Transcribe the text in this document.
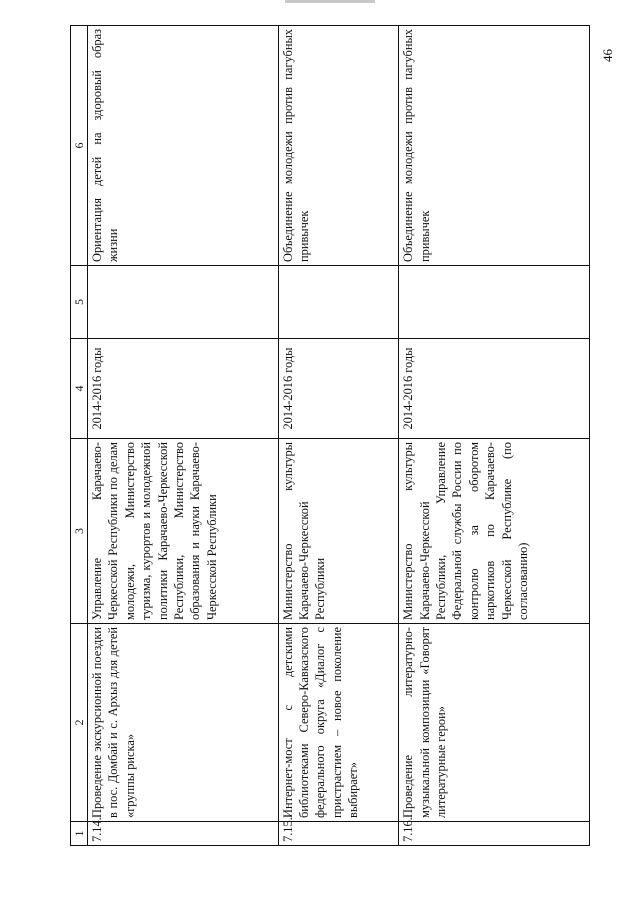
46
1	2	3	4	5	6
7.14.	Проведение экскурсионной поездки в пос. Домбай и с. Архыз для детей «группы риска»	Управление Карачаево-Черкесской Республики по делам молодежи, Министерство туризма, курортов и молодежной политики Карачаево-Черкесской Республики, Министерство образования и науки Карачаево-Черкесской Республики	2014-2016 годы		Ориентация детей на здоровый образ жизни
7.15.	Интернет-мост с детскими библиотеками Северо-Кавказского федерального округа «Диалог с пристрастием – новое поколение выбирает»	Министерство культуры Карачаево-Черкесской Республики	2014-2016 годы		Объединение молодежи против пагубных привычек
7.16.	Проведение литературно-музыкальной композиции «Говорят литературные герои»	Министерство культуры Карачаево-Черкесской Республики, Управление Федеральной службы России по контролю за оборотом наркотиков по Карачаево-Черкесской Республике (по согласованию)	2014-2016 годы		Объединение молодежи против пагубных привычек
